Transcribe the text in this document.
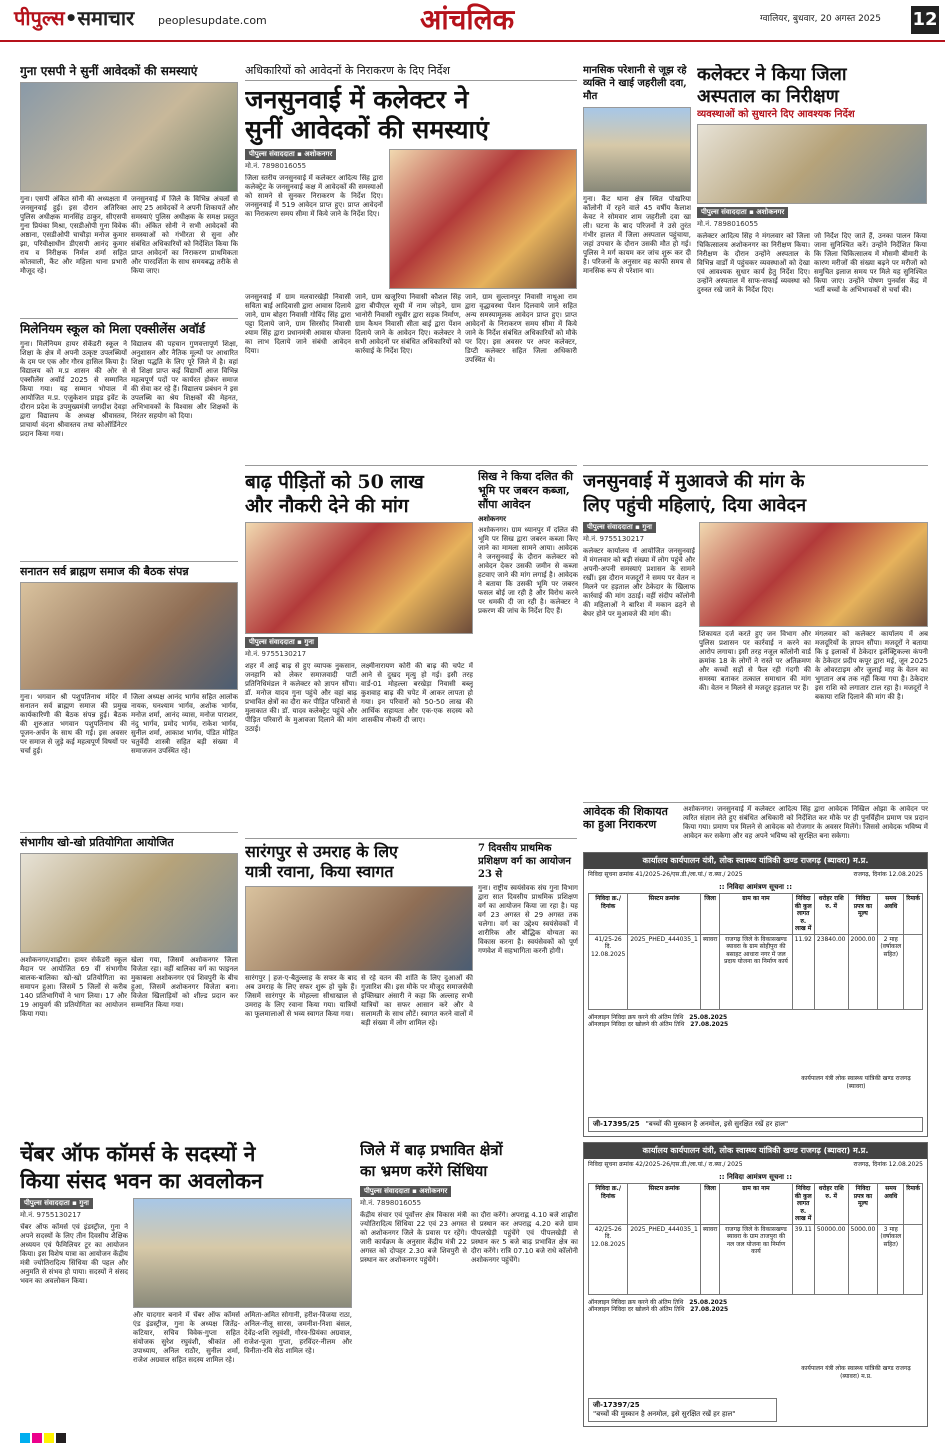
पीपुल्स•समाचार peoplesupdate.com	आंचलिक	ग्वालियर, बुधवार, 20 अगस्त 2025 12
गुना एसपी ने सुनीं आवेदकों की समस्याएं
गुना। एसपी अंकित सोनी की अध्यक्षता में जनसुनवाई हुई। इस दौरान अतिरिक्त पुलिस अधीक्षक मानसिंह ठाकुर, सीएसपी गुना प्रियंका मिश्रा, एसडीओपी गुना विवेक अष्ठाना, एसडीओपी चाचौड़ा मनोज कुमार झा, परिवीक्षाधीन डीएसपी आनंद कुमार राय व निरीक्षक निर्मल शर्मा सहित कोतवाली, कैंट और महिला थाना प्रभारी मौजूद रहे।
जनसुनवाई में जिले के विभिन्न अंचलों से आए 25 आवेदकों ने अपनी शिकायतें और समस्याएं पुलिस अधीक्षक के समक्ष प्रस्तुत कीं। अंकित सोनी ने सभी आवेदकों की समस्याओं को गंभीरता से सुना और संबंधित अधिकारियों को निर्देशित किया कि प्राप्त आवेदनों का निराकरण प्राथमिकता और पारदर्शिता के साथ समयबद्ध तरीके से किया जाए।
मिलेनियम स्कूल को मिला एक्सीलेंस अवॉर्ड
गुना। मिलेनियम हायर सेकेंडरी स्कूल ने शिक्षा के क्षेत्र में अपनी उत्कृष्ट उपलब्धियों के दम पर एक और गौरव हासिल किया है। विद्यालय को म.प्र शासन की ओर से एक्सीलेंस अवॉर्ड 2025 से सम्मानित किया गया। यह सम्मान भोपाल में आयोजित म.प्र. एजुकेशन प्राइड इवेंट के दौरान प्रदेश के उपमुख्यमंत्री जगदीश देवड़ा द्वारा विद्यालय के अध्यक्ष श्रीवास्तव, प्राचार्या वंदना श्रीवास्तव तथा कोऑर्डिनेटर प्रदान किया गया।
विद्यालय की पहचान गुणवत्तापूर्ण शिक्षा, अनुशासन और नैतिक मूल्यों पर आधारित शिक्षा पद्धति के लिए पूरे जिले में है। वहां से शिक्षा प्राप्त कई विद्यार्थी आज विभिन्न महत्वपूर्ण पदों पर कार्यरत होकर समाज की सेवा कर रहे हैं। विद्यालय प्रबंधन ने इस उपलब्धि का श्रेय शिक्षकों की मेहनत, अभिभावकों के विश्वास और शिक्षकों के निरंतर सहयोग को दिया।
सनातन सर्व ब्राह्मण समाज की बैठक संपन्न
गुना। भगवान श्री पशुपतिनाथ मंदिर में सनातन सर्व ब्राह्मण समाज की प्रमुख कार्यकारिणी की बैठक संपन्न हुई। बैठक की शुरुआत भगवान पशुपतिनाथ की पूजन-अर्चन के साथ की गई। इस अवसर पर समाज से जुड़े कई महत्वपूर्ण विषयों पर चर्चा हुई।
जिला अध्यक्ष आनंद भार्गव सहित आलोक नायक, घनश्याम भार्गव, अशोक भार्गव, मनोज शर्मा, आनंद व्यास, मनोज पाराशर, नंदु भार्गव, प्रमोद भार्गव, राकेश भार्गव, सुनील शर्मा, आकाश भार्गव, पंडित मोहित चतुर्वेदी शास्त्री सहित बड़ी संख्या में समाजजन उपस्थित रहे।
संभागीय खो-खो प्रतियोगिता आयोजित
अशोकनगर/शाढ़ौरा। हायर सेकेंडरी स्कूल मैदान पर आयोजित 69 वीं संभागीय बालक-बालिका खो-खो प्रतियोगिता का समापन हुआ। जिसमें 5 जिलों से करीब 140 प्रतिभागियों ने भाग लिया। 17 और 19 आयुवर्ग की प्रतियोगिता का आयोजन किया गया।
खेला गया, जिसमें अशोकनगर जिला विजेता रहा। वहीं बालिका वर्ग का फाइनल मुकाबला अशोकनगर एवं शिवपुरी के बीच हुआ, जिसमें अशोकनगर विजेता बना। विजेता खिलाड़ियों को शील्ड प्रदान कर सम्मानित किया गया।
अधिकारियों को आवेदनों के निराकरण के दिए निर्देश
जनसुनवाई में कलेक्टर ने
सुनीं आवेदकों की समस्याएं
पीपुल्स संवाददाता ▪ अशोकनगर
मो.नं. 7898016055
जिला स्तरीय जनसुनवाई में कलेक्टर आदित्य सिंह द्वारा कलेक्ट्रेट के जनसुनवाई कक्ष में आवेदकों की समस्याओं को सामने से सुनकर निराकरण के निर्देश दिए। जनसुनवाई में 519 आवेदन प्राप्त हुए। प्राप्त आवेदनों का निराकरण समय सीमा में किये जाने के निर्देश दिए।
जनसुनवाई में ग्राम मलवारखेड़ी निवासी सविता बाई आदिवासी द्वारा आवास दिलाये जाने, ग्राम बोहरा निवासी गोविंद सिंह द्वारा पट्टा दिलाये जाने, ग्राम सिरसौद निवासी श्याम सिंह द्वारा प्रधानमंत्री आवास योजना का लाभ दिलाये जाने संबंधी आवेदन दिया।
जाने, ग्राम खजूरिया निवासी कौशल सिंह द्वारा बीपीएल सूची में नाम जोड़ने, ग्राम भानोरी निवासी रघुवीर द्वारा सड़क निर्माण, ग्राम कैथन निवासी सीता बाई द्वारा पेंशन दिलाये जाने के आवेदन दिए। कलेक्टर ने सभी आवेदनों पर संबंधित अधिकारियों को कार्रवाई के निर्देश दिए।
जाने, ग्राम सुल्तानपुर निवासी नाथूआ राम द्वारा वृद्धावस्था पेंशन दिलवाये जाने सहित अन्य समस्यामूलक आवेदन प्राप्त हुए। प्राप्त आवेदनों के निराकरण समय सीमा में किये जाने के निर्देश संबंधित अधिकारियों को मौके पर दिए। इस अवसर पर अपर कलेक्टर, डिप्टी कलेक्टर सहित जिला अधिकारी उपस्थित थे।
बाढ़ पीड़ितों को 50 लाख
और नौकरी देने की मांग
पीपुल्स संवाददाता ▪ गुना
मो.नं. 9755130217
शहर में आई बाढ़ से हुए व्यापक नुकसान, जनहानि को लेकर समाजवादी पार्टी प्रतिनिधिमंडल ने कलेक्टर को ज्ञापन सौंपा। डॉ. मनोज यादव गुना पहुंचे और वहां बाढ़ प्रभावित क्षेत्रों का दौरा कर पीड़ित परिवारों से मुलाकात की। डॉ. यादव कलेक्ट्रेट पहुंचे और पीड़ित परिवारों के मुआवजा दिलाने की मांग उठाई।
लक्ष्मीनारायण कोरी की बाढ़ की चपेट में आने से दुखद मृत्यु हो गई। इसी तरह वार्ड-01 मोहल्ला बरखेड़ा निवासी बब्लू कुशवाह बाढ़ की चपेट में आकर लापता हो गया। इन परिवारों को 50-50 लाख की आर्थिक सहायता और एक-एक सदस्य को शासकीय नौकरी दी जाए।
सिख ने किया दलित की भूमि पर जबरन कब्जा, सौंपा आवेदन
अशोकनगर
अशोकनगर। ग्राम ध्यानपुर में दलित की भूमि पर सिख द्वारा जबरन कब्जा किए जाने का मामला सामने आया। आवेदक ने जनसुनवाई के दौरान कलेक्टर को आवेदन देकर उसकी जमीन से कब्जा हटवाए जाने की मांग लगाई है। आवेदक ने बताया कि उसकी भूमि पर जबरन फसल बोई जा रही है और विरोध करने पर धमकी दी जा रही है। कलेक्टर ने प्रकरण की जांच के निर्देश दिए हैं।
सारंगपुर से उमराह के लिए
यात्री रवाना, किया स्वागत
सारंगपुर | हज-ए-बैतुल्लाह के सफर के बाद अब उमराह के लिए सफर शुरू हो चुके हैं। जिसमें सारंगपुर के मोहल्ला सीधाखाल से उमराह के लिए रवाना किया गया। यात्रियों का फूलमालाओं से भव्य स्वागत किया गया।
से रहे वतन की शांति के लिए दुआओं की गुजारिश की। इस मौके पर मौजूद समाजसेवी इफ्तिखार अंसारी ने कहा कि अल्लाह सभी यात्रियों का सफर आसान करे और वे सलामती के साथ लौटें। स्वागत करने वालों में बड़ी संख्या में लोग शामिल रहे।
7 दिवसीय प्राथमिक प्रशिक्षण वर्ग का आयोजन 23 से
गुना। राष्ट्रीय स्वयंसेवक संघ गुना विभाग द्वारा सात दिवसीय प्राथमिक प्रशिक्षण वर्ग का आयोजन किया जा रहा है। यह वर्ग 23 अगस्त से 29 अगस्त तक चलेगा। वर्ग का उद्देश्य स्वयंसेवकों में शारीरिक और बौद्धिक योग्यता का विकास करना है। स्वयंसेवकों को पूर्ण गणवेश में सहभागिता करनी होगी।
मानसिक परेशानी से जूझ रहे व्यक्ति ने खाई जहरीली दवा, मौत
गुना। कैंट थाना क्षेत्र स्थित पोखरिया कॉलोनी में रहने वाले 45 वर्षीय कैलाश केवट ने सोमवार शाम जहरीली दवा खा ली। घटना के बाद परिजनों ने उसे तुरंत गंभीर हालत में जिला अस्पताल पहुंचाया, जहां उपचार के दौरान उसकी मौत हो गई। पुलिस ने मर्ग कायम कर जांच शुरू कर दी है। परिजनों के अनुसार वह काफी समय से मानसिक रूप से परेशान था।
कलेक्टर ने किया जिला
अस्पताल का निरीक्षण
व्यवस्थाओं को सुधारने दिए आवश्यक निर्देश
पीपुल्स संवाददाता ▪ अशोकनगर
मो.नं. 7898016055
कलेक्टर आदित्य सिंह ने मंगलवार को जिला चिकित्सालय अशोकनगर का निरीक्षण किया। निरीक्षण के दौरान उन्होंने अस्पताल के विभिन्न वार्डों में पहुंचकर व्यवस्थाओं को देखा एवं आवश्यक सुधार कार्य हेतु निर्देश दिए। उन्होंने अस्पताल में साफ-सफाई व्यवस्था को दुरुस्त रखे जाने के निर्देश दिए।
जो निर्देश दिए जाते हैं, उनका पालन किया जाना सुनिश्चित करें। उन्होंने निर्देशित किया कि जिला चिकित्सालय में मौसमी बीमारी के कारण मरीजों की संख्या बढ़ने पर मरीजों को समुचित इलाज समय पर मिले यह सुनिश्चित किया जाए। उन्होंने पोषण पुनर्वास केंद्र में भर्ती बच्चों के अभिभावकों से चर्चा की।
जनसुनवाई में मुआवजे की मांग के
लिए पहुंची महिलाएं, दिया आवेदन
पीपुल्स संवाददाता ▪ गुना
मो.नं. 9755130217
कलेक्टर कार्यालय में आयोजित जनसुनवाई में मंगलवार को बड़ी संख्या में लोग पहुंचे और अपनी-अपनी समस्याएं प्रशासन के सामने रखीं। इस दौरान मजदूरों ने समय पर वेतन न मिलने पर हड़ताल और ठेकेदार के खिलाफ कार्रवाई की मांग उठाई। वहीं संदीप कॉलोनी की महिलाओं ने बारिश में मकान ढहने से बेघर होने पर मुआवजे की मांग की।
शिकायत दर्ज करते हुए जन विभाग और पुलिस प्रशासन पर कार्रवाई न करने का आरोप लगाया। इसी तरह नजूल कॉलोनी वार्ड क्रमांक 18 के लोगों ने रास्ते पर अतिक्रमण और कच्चों सड़ों से फैल रही गंदगी की समस्या बताकर तत्काल समाधान की मांग की। वेतन न मिलने से मजदूर हड़ताल पर हैं।
मंगलवार को कलेक्टर कार्यालय में अब मजदूरियों के ज्ञापन सौंपा। मजदूरों ने बताया कि इ इलाकों में ठेकेदार इलेक्ट्रिकल्स कंपनी के ठेकेदार प्रदीप कपूर द्वारा मई, जून 2025 के ओवरटाइम और जुलाई माह के वेतन का भुगतान अब तक नहीं किया गया है। ठेकेदार इस राशि को लगातार टाल रहा है। मजदूरों ने बकाया राशि दिलाने की मांग की है।
आवेदक की शिकायत का हुआ निराकरण
अशोकनगर। जनसुनवाई में कलेक्टर आदित्य सिंह द्वारा आवेदक निखिल ओझा के आवेदन पर त्वरित संज्ञान लेते हुए संबंधित अधिकारी को निर्देशित कर मौके पर ही पुनर्विहीन प्रमाण पत्र प्रदान किया गया। प्रमाण पत्र मिलने से आवेदक को रोजगार के अवसर मिलेंगे। जिससे आवेदक भविष्य में आवेदन कर सकेगा और वह अपने भविष्य को सुरक्षित बना सकेगा।
कार्यालय कार्यपालन यंत्री, लोक स्वास्थ्य यांत्रिकी खण्ड राजगढ़ (ब्यावरा) म.प्र.
निविदा सूचना क्रमांक 41/2025-26/एस.डी./ला.यां./ रा.ब्या./ 2025	राजगढ़, दिनांक 12.08.2025
:: निविदा आमंत्रण सूचना ::
निविदा क्र./ दिनांक	सिस्टम क्रमांक	जिला	ग्राम का नाम	निविदा की कुल लागत रु. लाख में	धरोहर राशि रु. में	निविदा प्रपत्र का मूल्य	समय अवधि	रिमार्क
41/25-26 दि. 12.08.2025	2025_PHED_444035_1	ब्यावरा	राजगढ़ जिले के विकासखण्ड ब्यावरा के ग्राम सोहीपुरा की बसाहट आधारा नगर में जल प्रदाय योजना का निर्माण कार्य	11.92	23840.00	2000.00	2 माह (वर्षाकाल सहित)	
ऑनलाइन निविदा क्रय करने की अंतिम तिथि 25.08.2025
ऑनलाइन निविदा दर खोलने की अंतिम तिथि 27.08.2025
कार्यपालन यंत्री लोक स्वास्थ्य यांत्रिकी खण्ड राजगढ़ (ब्यावरा)
जी-17395/25 "बच्चों की मुस्कान है अनमोल, इसे सुरक्षित रखें हर हाल"
कार्यालय कार्यपालन यंत्री, लोक स्वास्थ्य यांत्रिकी खण्ड राजगढ़ (ब्यावरा) म.प्र.
निविदा सूचना क्रमांक 42/2025-26/एस.डी./ला.यां./ रा.ब्या./ 2025	राजगढ़, दिनांक 12.08.2025
:: निविदा आमंत्रण सूचना ::
निविदा क्र./ दिनांक	सिस्टम क्रमांक	जिला	ग्राम का नाम	निविदा की कुल लागत रु. लाख में	धरोहर राशि रु. में	निविदा प्रपत्र का मूल्य	समय अवधि	रिमार्क
42/25-26 दि. 12.08.2025	2025_PHED_444035_1	ब्यावरा	राजगढ़ जिले के विकासखण्ड ब्यावरा के ग्राम ताजपुरा की नल जल योजना का निर्माण कार्य	39.11	50000.00	5000.00	3 माह (वर्षाकाल सहित)	
ऑनलाइन निविदा क्रय करने की अंतिम तिथि 25.08.2025
ऑनलाइन निविदा दर खोलने की अंतिम तिथि 27.08.2025
कार्यपालन यंत्री लोक स्वास्थ्य यांत्रिकी खण्ड राजगढ़ (ब्यावरा) म.प्र.
जी-17397/25
"बच्चों की मुस्कान है अनमोल, इसे सुरक्षित रखें हर हाल"
चेंबर ऑफ कॉमर्स के सदस्यों ने
किया संसद भवन का अवलोकन
पीपुल्स संवाददाता ▪ गुना
मो.नं. 9755130217
चेंबर ऑफ कॉमर्स एवं इंडस्ट्रीज, गुना ने अपने सदस्यों के लिए तीन दिवसीय शैक्षिक अध्ययन एवं फैमिलियर टूर का आयोजन किया। इस विशेष यात्रा का आयोजन केंद्रीय मंत्री ज्योतिरादित्य सिंधिया की पहल और अनुमति से संभव हो पाया। सदस्यों ने संसद भवन का अवलोकन किया।
और यादगार बनाने में चेंबर ऑफ कॉमर्स एंड इंडस्ट्रीज, गुना के अध्यक्ष जितेंद्र-कटियार, सचिव विवेक-गुप्ता सहित संयोजक सुरेश रघुवंशी, श्रीकांत ऑ उपाध्याय, अनिल राठौर, सुनील शर्मा, राजेश अग्रवाल सहित सदस्य शामिल रहे।
अमिता-अमित सोगानी, हरीश-विजया राठा, अनिल-नीलू सारस, जमनीश-निशा बंसल, देवेंद्र-शशि रघुवंशी, गौरव-प्रियंका अग्रवाल, राजेश-पूजा गुप्ता, हरविंदर-नीलम और विनीता-रवि सेठ शामिल रहे।
जिले में बाढ़ प्रभावित क्षेत्रों
का भ्रमण करेंगे सिंधिया
पीपुल्स संवाददाता ▪ अशोकनगर
मो.नं. 7898016055
केंद्रीय संचार एवं पूर्वोत्तर क्षेत्र विकास मंत्री ज्योतिरादित्य सिंधिया 22 एवं 23 अगस्त को अशोकनगर जिले के प्रवास पर रहेंगे। जारी कार्यक्रम के अनुसार केंद्रीय मंत्री 22 अगस्त को दोपहर 2.30 बजे शिवपुरी से प्रस्थान कर अशोकनगर पहुंचेंगे।
का दौरा करेंगे। अपराह्न 4.10 बजे शाढ़ौरा से प्रस्थान कर अपराह्न 4.20 बजे ग्राम पीपलखेड़ी पहुंचेंगे एवं पीपलखेड़ी से प्रस्थान कर 5 बजे बाढ़ प्रभावित क्षेत्र का दौरा करेंगे। रात्रि 07.10 बजे राधे कॉलोनी अशोकनगर पहुंचेंगे।
